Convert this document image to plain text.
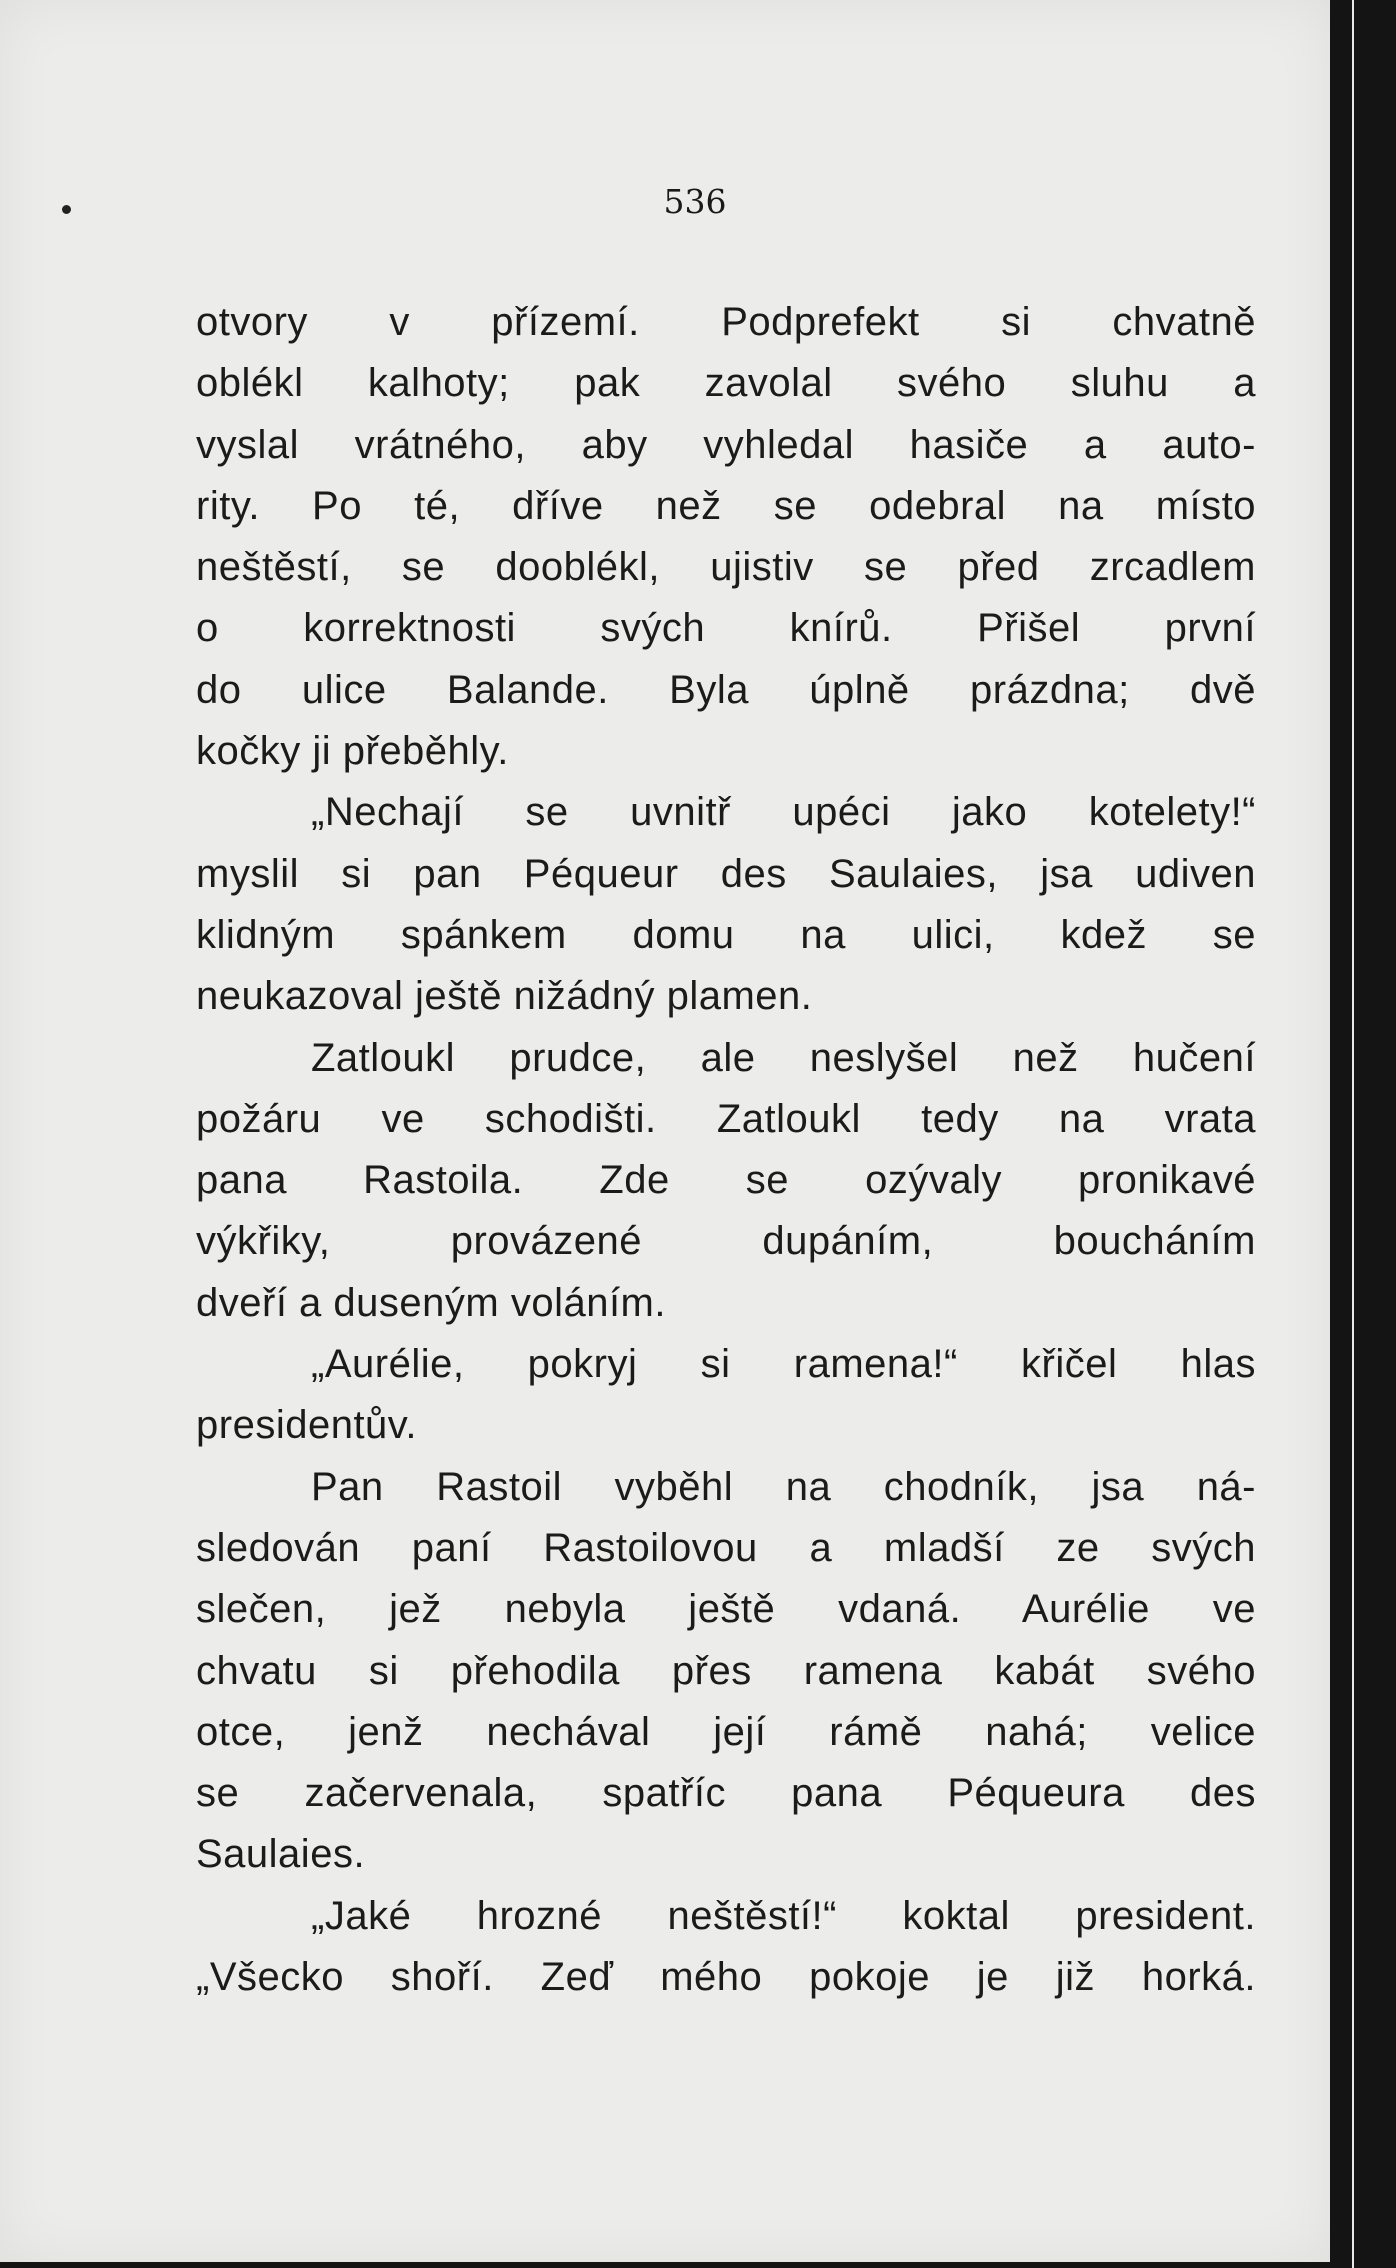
536
otvory v přízemí. Podprefekt si chvatně
oblékl kalhoty; pak zavolal svého sluhu a
vyslal vrátného, aby vyhledal hasiče a auto-
rity. Po té, dříve než se odebral na místo
neštěstí, se dooblékl, ujistiv se před zrcadlem
o korrektnosti svých knírů. Přišel první
do ulice Balande. Byla úplně prázdna; dvě
kočky ji přeběhly.
„Nechají se uvnitř upéci jako kotelety!“
myslil si pan Péqueur des Saulaies, jsa udiven
klidným spánkem domu na ulici, kdež se
neukazoval ještě nižádný plamen.
Zatloukl prudce, ale neslyšel než hučení
požáru ve schodišti. Zatloukl tedy na vrata
pana Rastoila. Zde se ozývaly pronikavé
výkřiky, provázené dupáním, boucháním
dveří a duseným voláním.
„Aurélie, pokryj si ramena!“ křičel hlas
presidentův.
Pan Rastoil vyběhl na chodník, jsa ná-
sledován paní Rastoilovou a mladší ze svých
slečen, jež nebyla ještě vdaná. Aurélie ve
chvatu si přehodila přes ramena kabát svého
otce, jenž nechával její rámě nahá; velice
se začervenala, spatříc pana Péqueura des
Saulaies.
„Jaké hrozné neštěstí!“ koktal president.
„Všecko shoří. Zeď mého pokoje je již horká.
